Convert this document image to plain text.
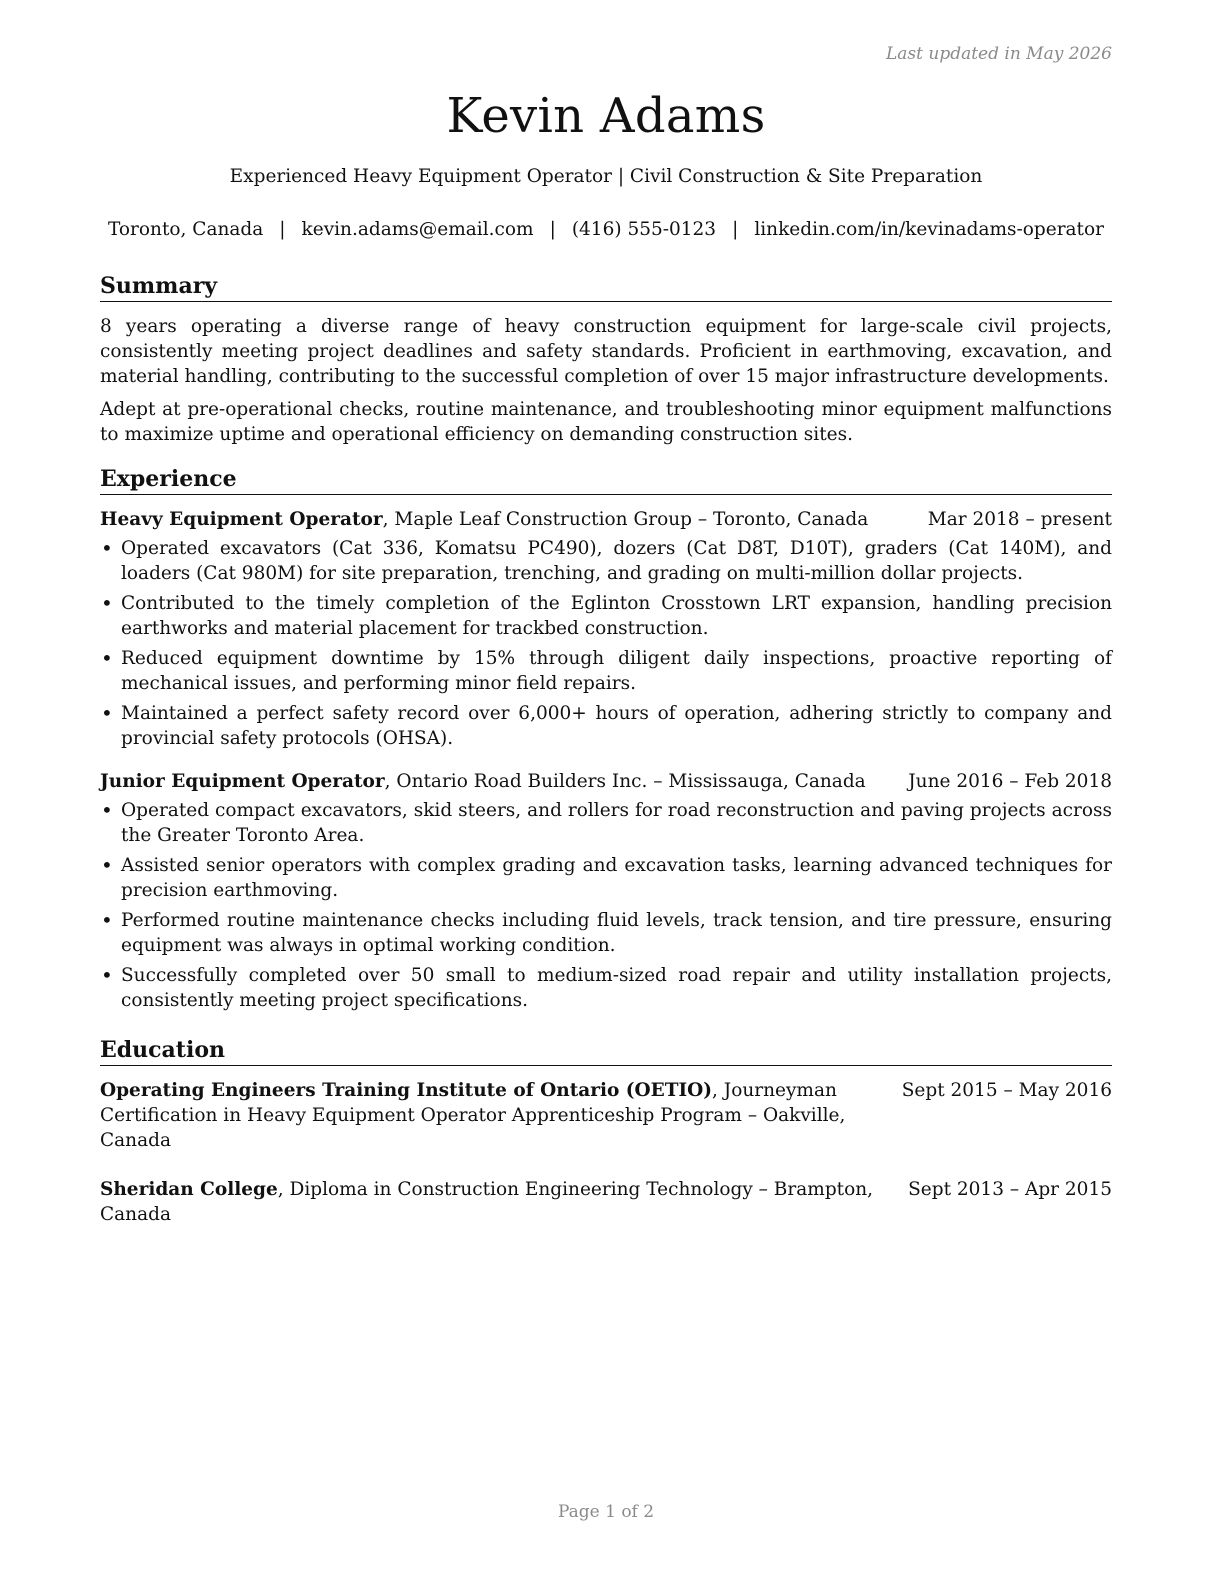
Last updated in May 2026
Kevin Adams
Experienced Heavy Equipment Operator | Civil Construction & Site Preparation
Toronto, Canada | kevin.adams@email.com | (416) 555-0123 | linkedin.com/in/kevinadams-operator
Summary

8 years operating a diverse range of heavy construction equipment for large-scale civil projects, consistently meeting project deadlines and safety standards. Proficient in earthmoving, excavation, and material handling, contributing to the successful completion of over 15 major infrastructure developments.

Adept at pre-operational checks, routine maintenance, and troubleshooting minor equipment malfunctions to maximize uptime and operational efficiency on demanding construction sites.

Experience
Heavy Equipment Operator, Maple Leaf Construction Group – Toronto, Canada	Mar 2018 – present
• Operated excavators (Cat 336, Komatsu PC490), dozers (Cat D8T, D10T), graders (Cat 140M), and loaders (Cat 980M) for site preparation, trenching, and grading on multi-million dollar projects.
• Contributed to the timely completion of the Eglinton Crosstown LRT expansion, handling precision earthworks and material placement for trackbed construction.
• Reduced equipment downtime by 15% through diligent daily inspections, proactive reporting of mechanical issues, and performing minor field repairs.
• Maintained a perfect safety record over 6,000+ hours of operation, adhering strictly to company and provincial safety protocols (OHSA).
Junior Equipment Operator, Ontario Road Builders Inc. – Mississauga, Canada June 2016 – Feb 2018
• Operated compact excavators, skid steers, and rollers for road reconstruction and paving projects across the Greater Toronto Area.
• Assisted senior operators with complex grading and excavation tasks, learning advanced techniques for precision earthmoving.
• Performed routine maintenance checks including fluid levels, track tension, and tire pressure, ensuring equipment was always in optimal working condition.
• Successfully completed over 50 small to medium-sized road repair and utility installation projects, consistently meeting project specifications.
Education
Operating Engineers Training Institute of Ontario (OETIO), Journeyman Certification in Heavy Equipment Operator Apprenticeship Program – Oakville, Canada
Sept 2015 – May 2016
Sheridan College, Diploma in Construction Engineering Technology – Brampton, Canada
Sept 2013 – Apr 2015
Page 1 of 2
